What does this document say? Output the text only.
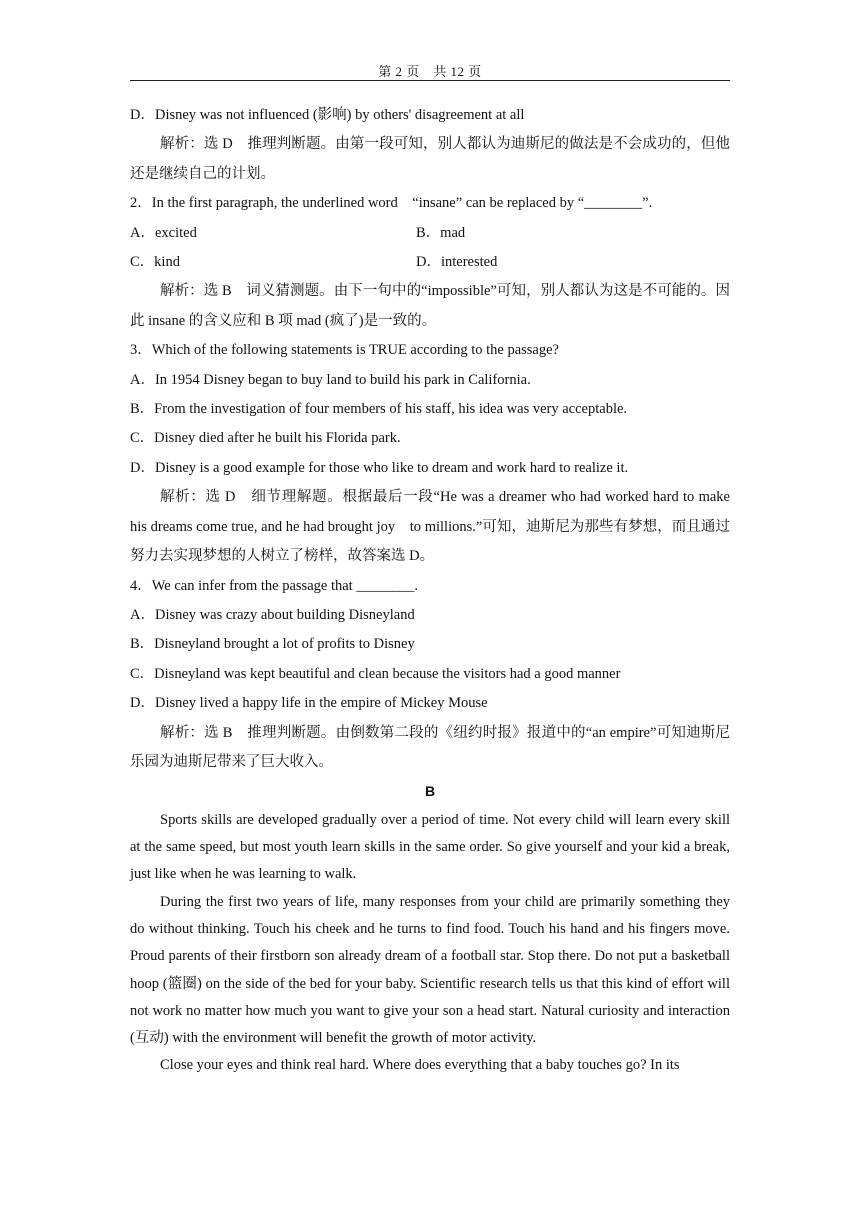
第 2 页　共 12 页

D．Disney was not influenced (影响) by others' disagreement at all

解析：选 D　推理判断题。由第一段可知，别人都认为迪斯尼的做法是不会成功的，但他还是继续自己的计划。

2．In the first paragraph, the underlined word　“insane” can be replaced by “________”.

A．excited	B．mad
C．kind	D．interested

解析：选 B　词义猜测题。由下一句中的“impossible”可知，别人都认为这是不可能的。因此 insane 的含义应和 B 项 mad (疯了)是一致的。

3．Which of the following statements is TRUE according to the passage?

A．In 1954 Disney began to buy land to build his park in California.

B．From the investigation of four members of his staff, his idea was very acceptable.

C．Disney died after he built his Florida park.

D．Disney is a good example for those who like to dream and work hard to realize it.

解析：选 D　细节理解题。根据最后一段“He was a dreamer who had worked hard to make his dreams come true, and he had brought joy　to millions.”可知，迪斯尼为那些有梦想，而且通过努力去实现梦想的人树立了榜样，故答案选 D。

4．We can infer from the passage that ________.

A．Disney was crazy about building Disneyland

B．Disneyland brought a lot of profits to Disney

C．Disneyland was kept beautiful and clean because the visitors had a good manner

D．Disney lived a happy life in the empire of Mickey Mouse

解析：选 B　推理判断题。由倒数第二段的《纽约时报》报道中的“an empire”可知迪斯尼乐园为迪斯尼带来了巨大收入。

B

Sports skills are developed gradually over a period of time. Not every child will learn every skill at the same speed, but most youth learn skills in the same order. So give yourself and your kid a break, just like when he was learning to walk.

During the first two years of life, many responses from your child are primarily something they do without thinking. Touch his cheek and he turns to find food. Touch his hand and his fingers move. Proud parents of their firstborn son already dream of a football star. Stop there. Do not put a basketball hoop (篮圈) on the side of the bed for your baby. Scientific research tells us that this kind of effort will not work no matter how much you want to give your son a head start. Natural curiosity and interaction (互动) with the environment will benefit the growth of motor activity.

Close your eyes and think real hard. Where does everything that a baby touches go? In its
